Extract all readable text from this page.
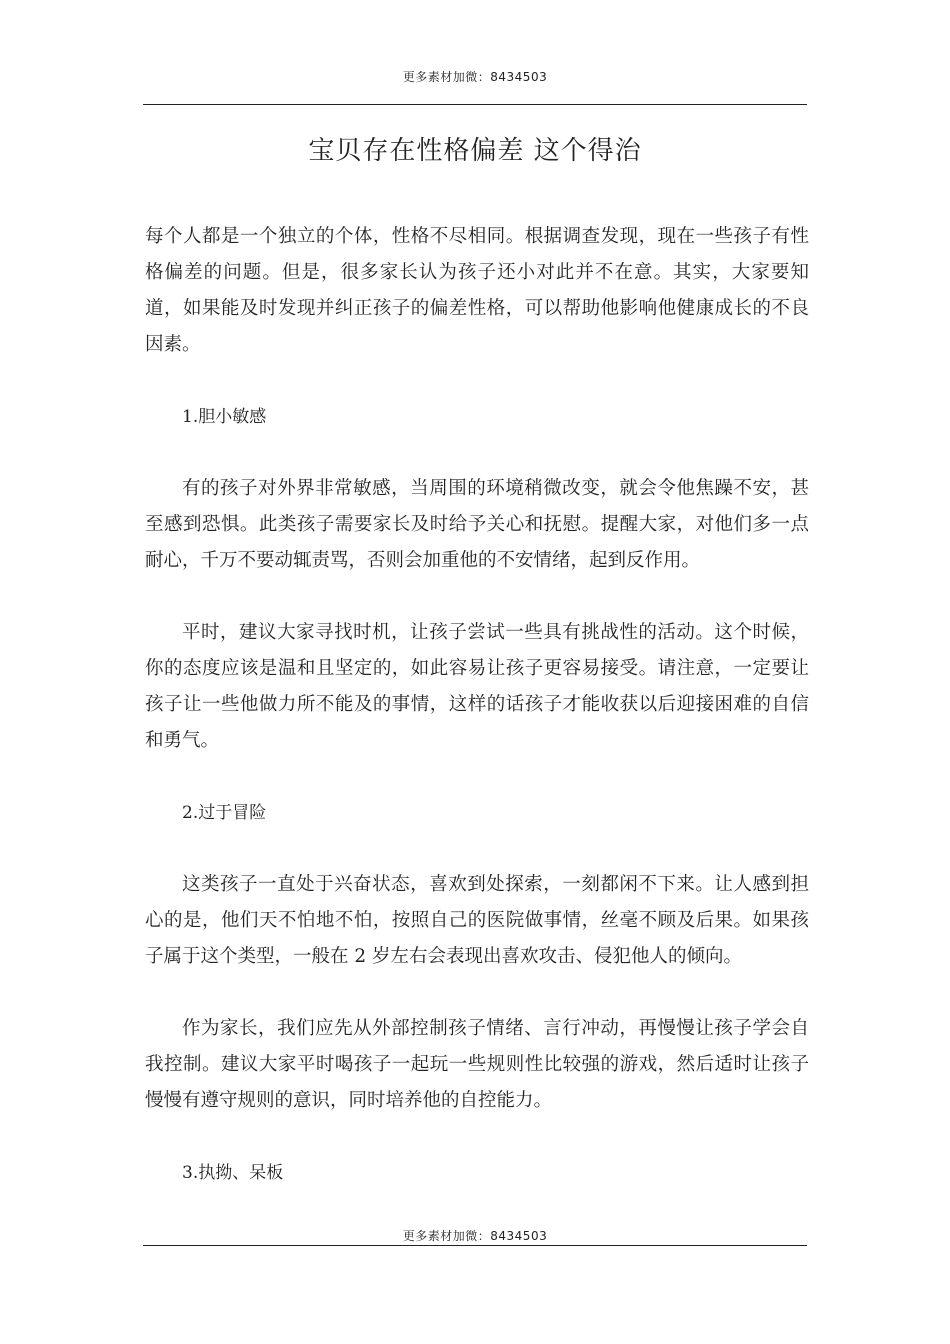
更多素材加微：8434503
宝贝存在性格偏差 这个得治

每个人都是一个独立的个体，性格不尽相同。根据调查发现，现在一些孩子有性格偏差的问题。但是，很多家长认为孩子还小对此并不在意。其实，大家要知道，如果能及时发现并纠正孩子的偏差性格，可以帮助他影响他健康成长的不良因素。

1.胆小敏感

有的孩子对外界非常敏感，当周围的环境稍微改变，就会令他焦躁不安，甚至感到恐惧。此类孩子需要家长及时给予关心和抚慰。提醒大家，对他们多一点耐心，千万不要动辄责骂，否则会加重他的不安情绪，起到反作用。

平时，建议大家寻找时机，让孩子尝试一些具有挑战性的活动。这个时候，你的态度应该是温和且坚定的，如此容易让孩子更容易接受。请注意，一定要让孩子让一些他做力所不能及的事情，这样的话孩子才能收获以后迎接困难的自信和勇气。

2.过于冒险

这类孩子一直处于兴奋状态，喜欢到处探索，一刻都闲不下来。让人感到担心的是，他们天不怕地不怕，按照自己的医院做事情，丝毫不顾及后果。如果孩子属于这个类型，一般在 2 岁左右会表现出喜欢攻击、侵犯他人的倾向。

作为家长，我们应先从外部控制孩子情绪、言行冲动，再慢慢让孩子学会自我控制。建议大家平时喝孩子一起玩一些规则性比较强的游戏，然后适时让孩子慢慢有遵守规则的意识，同时培养他的自控能力。

3.执拗、呆板

更多素材加微：8434503
